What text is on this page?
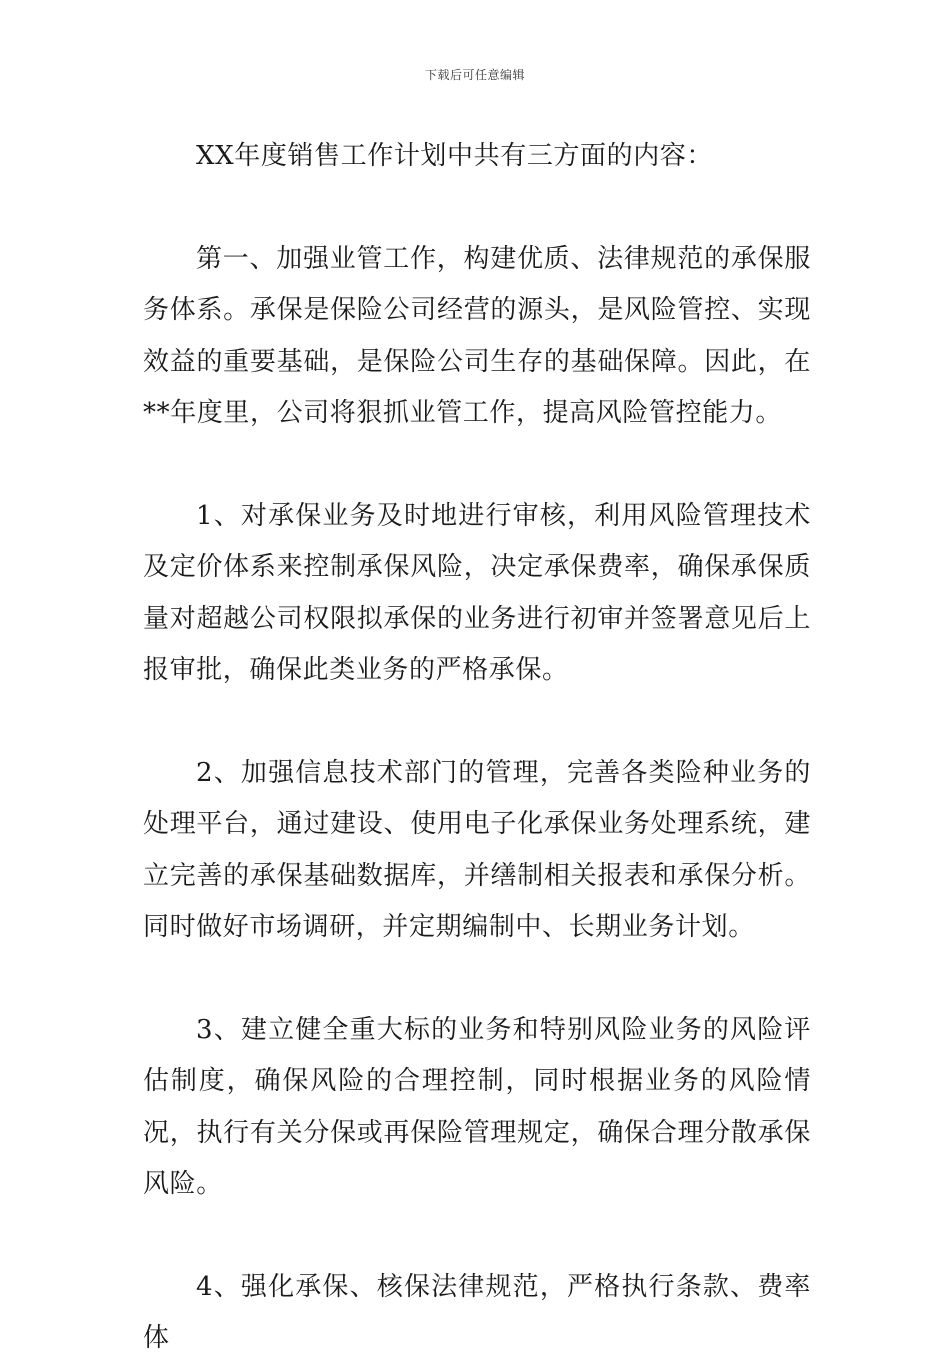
下载后可任意编辑

XX年度销售工作计划中共有三方面的内容：

第一、加强业管工作，构建优质、法律规范的承保服务体系。承保是保险公司经营的源头，是风险管控、实现效益的重要基础，是保险公司生存的基础保障。因此，在**年度里，公司将狠抓业管工作，提高风险管控能力。

1、对承保业务及时地进行审核，利用风险管理技术及定价体系来控制承保风险，决定承保费率，确保承保质量对超越公司权限拟承保的业务进行初审并签署意见后上报审批，确保此类业务的严格承保。

2、加强信息技术部门的管理，完善各类险种业务的处理平台，通过建设、使用电子化承保业务处理系统，建立完善的承保基础数据库，并缮制相关报表和承保分析。同时做好市场调研，并定期编制中、长期业务计划。

3、建立健全重大标的业务和特别风险业务的风险评估制度，确保风险的合理控制，同时根据业务的风险情况，执行有关分保或再保险管理规定，确保合理分散承保风险。

4、强化承保、核保法律规范，严格执行条款、费率体
